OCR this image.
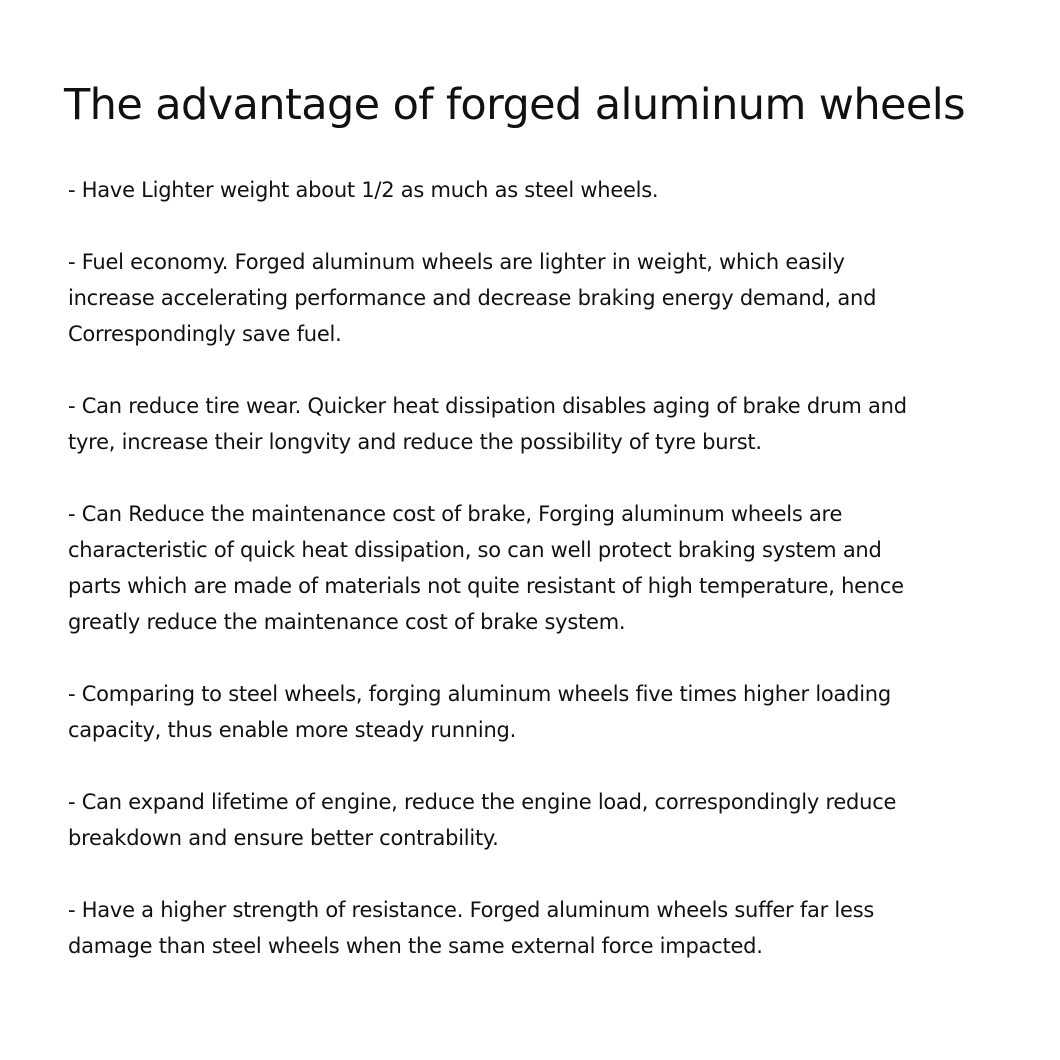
The advantage of forged aluminum wheels
- Have Lighter weight about 1/2 as much as steel wheels.
- Fuel economy. Forged aluminum wheels are lighter in weight, which easily
increase accelerating performance and decrease braking energy demand, and
Correspondingly save fuel.
- Can reduce tire wear. Quicker heat dissipation disables aging of brake drum and
tyre, increase their longvity and reduce the possibility of tyre burst.
- Can Reduce the maintenance cost of brake, Forging aluminum wheels are
characteristic of quick heat dissipation, so can well protect braking system and
parts which are made of materials not quite resistant of high temperature, hence
greatly reduce the maintenance cost of brake system.
- Comparing to steel wheels, forging aluminum wheels five times higher loading
capacity, thus enable more steady running.
- Can expand lifetime of engine, reduce the engine load, correspondingly reduce
breakdown and ensure better contrability.
- Have a higher strength of resistance. Forged aluminum wheels suffer far less
damage than steel wheels when the same external force impacted.
